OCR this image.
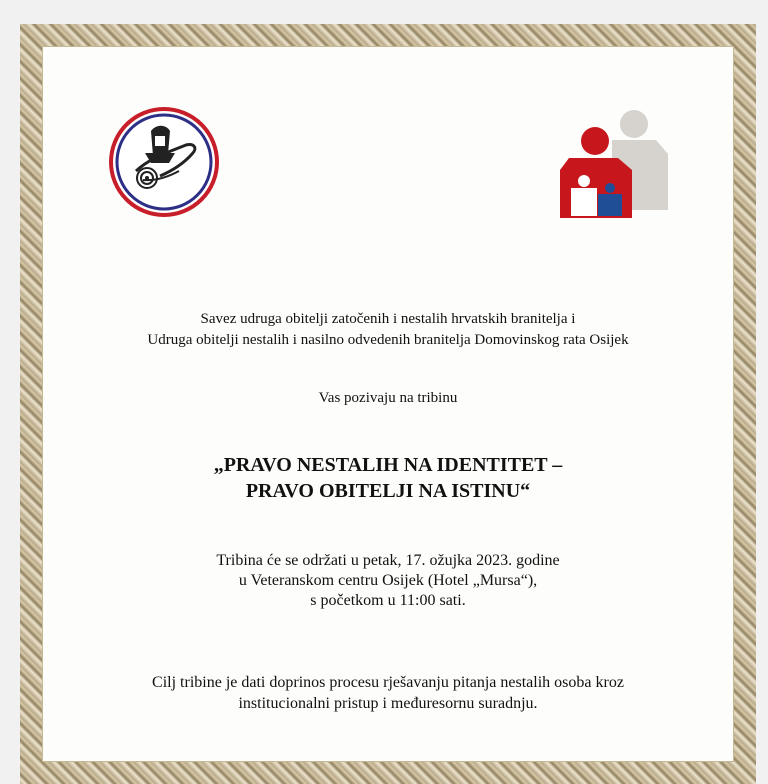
Savez udruga obitelji zatočenih i nestalih hrvatskih branitelja i
Udruga obitelji nestalih i nasilno odvedenih branitelja Domovinskog rata Osijek
Vas pozivaju na tribinu
„PRAVO NESTALIH NA IDENTITET –
PRAVO OBITELJI NA ISTINU“
Tribina će se održati u petak, 17. ožujka 2023. godine
u Veteranskom centru Osijek (Hotel „Mursa“),
s početkom u 11:00 sati.
Cilj tribine je dati doprinos procesu rješavanju pitanja nestalih osoba kroz
institucionalni pristup i međuresornu suradnju.
